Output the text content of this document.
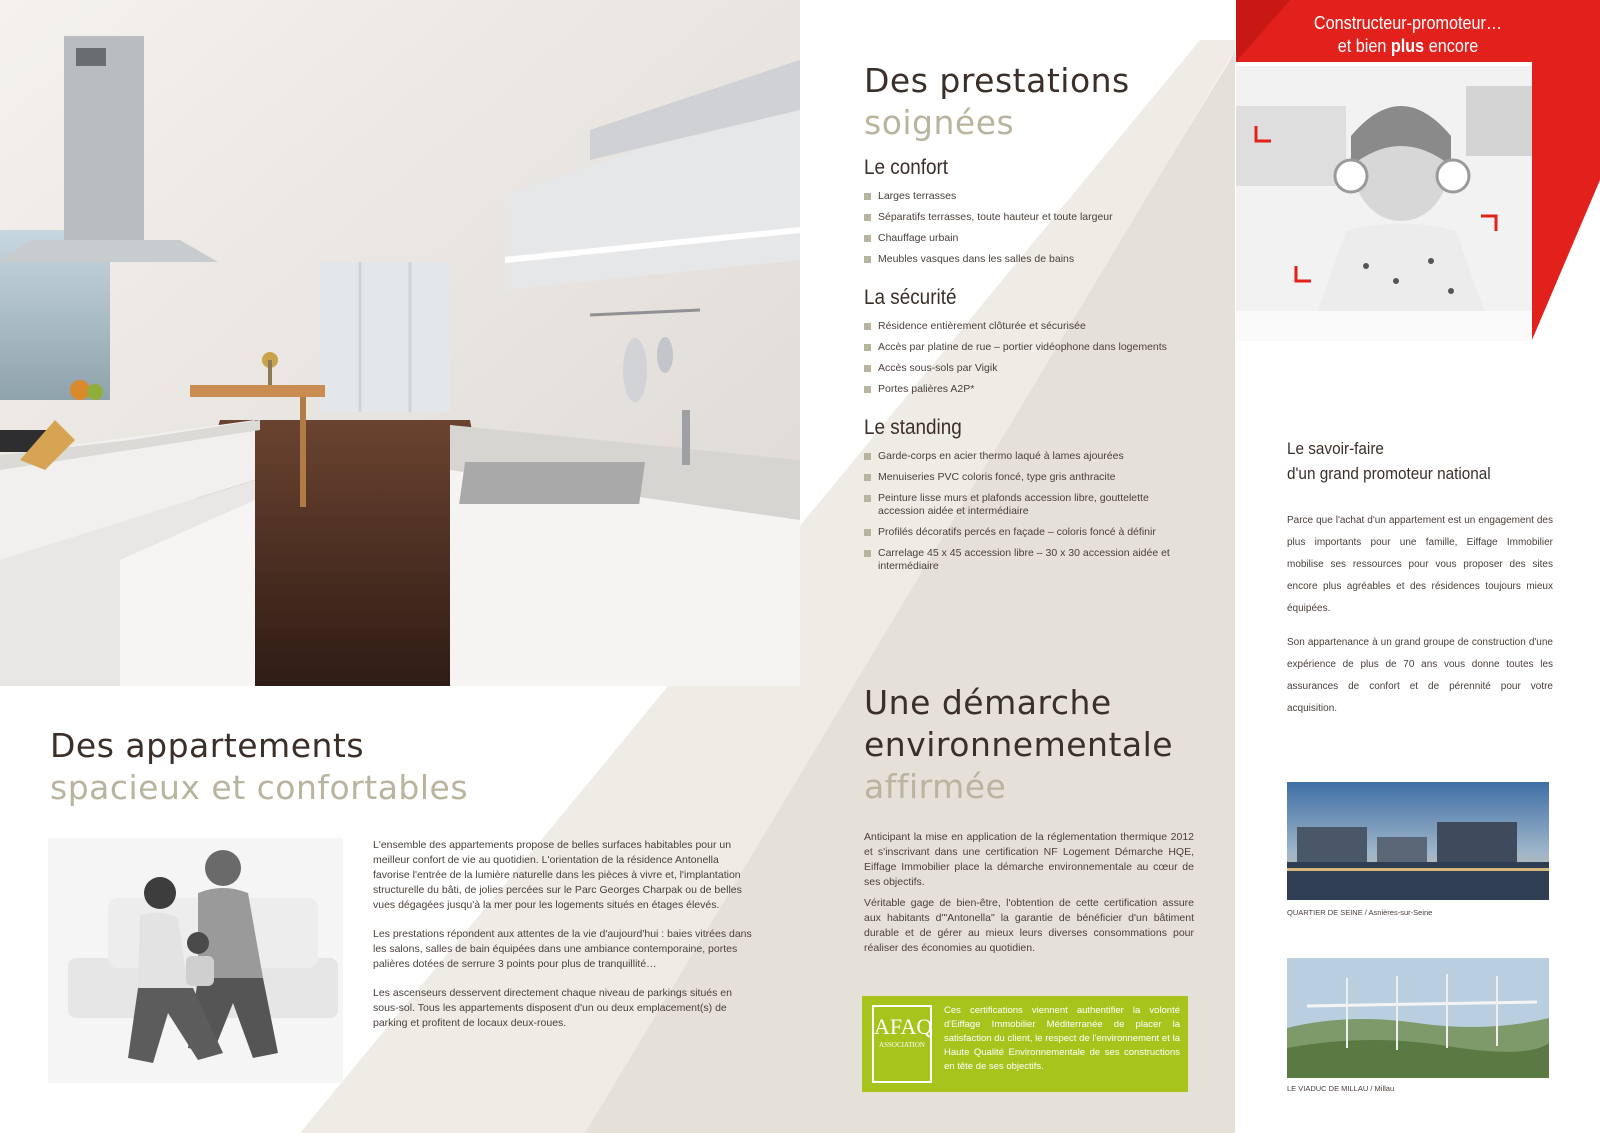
Des appartements
spacieux et confortables

L'ensemble des appartements propose de belles surfaces habitables pour un meilleur confort de vie au quotidien. L'orientation de la résidence Antonella favorise l'entrée de la lumière naturelle dans les pièces à vivre et, l'implantation structurelle du bâti, de jolies percées sur le Parc Georges Charpak ou de belles vues dégagées jusqu'à la mer pour les logements situés en étages élevés.

Les prestations répondent aux attentes de la vie d'aujourd'hui : baies vitrées dans les salons, salles de bain équipées dans une ambiance contemporaine, portes palières dotées de serrure 3 points pour plus de tranquillité…

Les ascenseurs desservent directement chaque niveau de parkings situés en sous-sol. Tous les appartements disposent d'un ou deux emplacement(s) de parking et profitent de locaux deux-roues.

Des prestations
soignées
Le confort
Larges terrasses
Séparatifs terrasses, toute hauteur et toute largeur
Chauffage urbain
Meubles vasques dans les salles de bains
La sécurité
Résidence entièrement clôturée et sécurisée
Accès par platine de rue – portier vidéophone dans logements
Accès sous-sols par Vigik
Portes palières A2P*
Le standing
Garde-corps en acier thermo laqué à lames ajourées
Menuiseries PVC coloris foncé, type gris anthracite
Peinture lisse murs et plafonds accession libre, gouttelette accession aidée et intermédiaire
Profilés décoratifs percés en façade – coloris foncé à définir
Carrelage 45 x 45 accession libre – 30 x 30 accession aidée et intermédiaire
Une démarche
environnementale
affirmée

Anticipant la mise en application de la réglementation thermique 2012 et s'inscrivant dans une certification NF Logement Démarche HQE, Eiffage Immobilier place la démarche environnementale au cœur de ses objectifs.

Véritable gage de bien-être, l'obtention de cette certification assure aux habitants d'"Antonella" la garantie de bénéficier d'un bâtiment durable et de gérer au mieux leurs diverses consommations pour réaliser des économies au quotidien.

AFAQ
ASSOCIATION
Ces certifications viennent authentifier la volonté d'Eiffage Immobilier Méditerranée de placer la satisfaction du client, le respect de l'environnement et la Haute Qualité Environnementale de ses constructions en tête de ses objectifs.
Constructeur-promoteur…
et bien plus encore
Le savoir-faire
d'un grand promoteur national

Parce que l'achat d'un appartement est un engagement des plus importants pour une famille, Eiffage Immobilier mobilise ses ressources pour vous proposer des sites encore plus agréables et des résidences toujours mieux équipées.

Son appartenance à un grand groupe de construction d'une expérience de plus de 70 ans vous donne toutes les assurances de confort et de pérennité pour votre acquisition.

QUARTIER DE SEINE / Asnières-sur-Seine
LE VIADUC DE MILLAU / Millau
